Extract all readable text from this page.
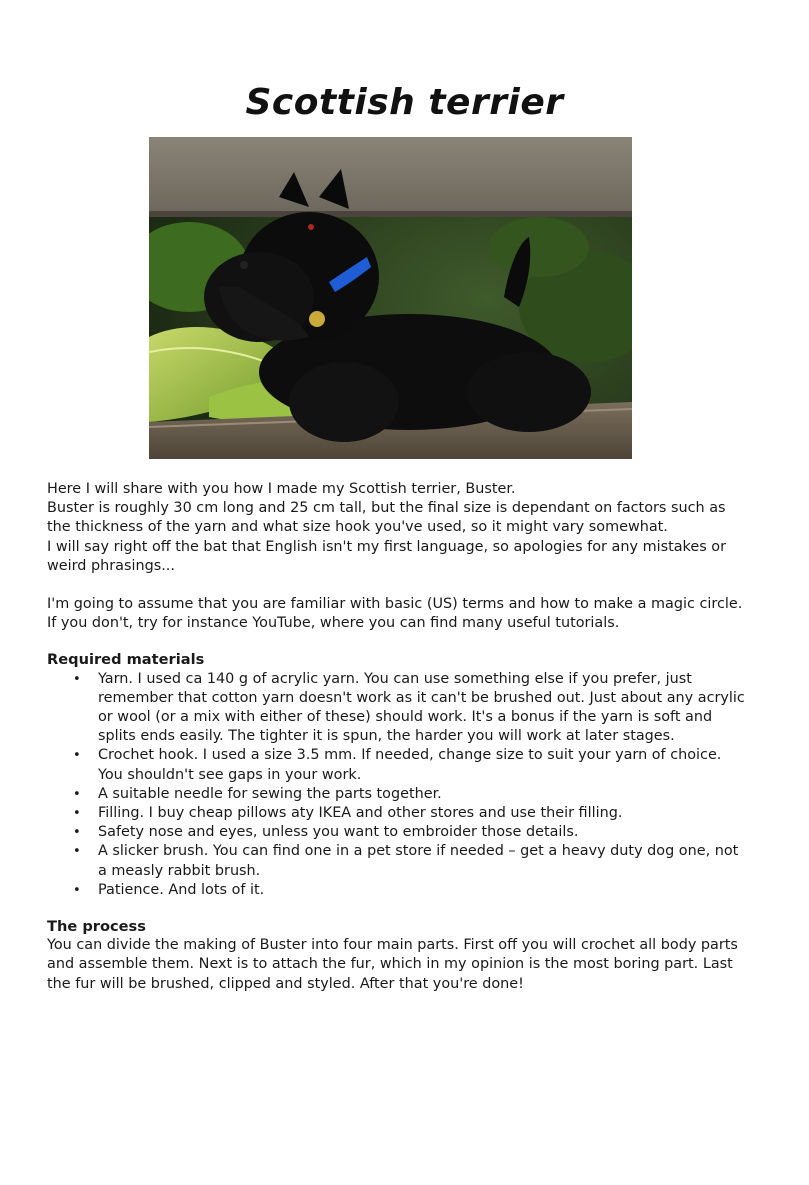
Scottish terrier

Here I will share with you how I made my Scottish terrier, Buster.

Buster is roughly 30 cm long and 25 cm tall, but the final size is dependant on factors such as the thickness of the yarn and what size hook you've used, so it might vary somewhat.

I will say right off the bat that English isn't my first language, so apologies for any mistakes or weird phrasings...

I'm going to assume that you are familiar with basic (US) terms and how to make a magic circle. If you don't, try for instance YouTube, where you can find many useful tutorials.

Required materials

• Yarn. I used ca 140 g of acrylic yarn. You can use something else if you prefer, just remember that cotton yarn doesn't work as it can't be brushed out. Just about any acrylic or wool (or a mix with either of these) should work. It's a bonus if the yarn is soft and splits ends easily. The tighter it is spun, the harder you will work at later stages.
• Crochet hook. I used a size 3.5 mm. If needed, change size to suit your yarn of choice. You shouldn't see gaps in your work.
• A suitable needle for sewing the parts together.
• Filling. I buy cheap pillows aty IKEA and other stores and use their filling.
• Safety nose and eyes, unless you want to embroider those details.
• A slicker brush. You can find one in a pet store if needed – get a heavy duty dog one, not a measly rabbit brush.
• Patience. And lots of it.

The process

You can divide the making of Buster into four main parts. First off you will crochet all body parts and assemble them. Next is to attach the fur, which in my opinion is the most boring part. Last the fur will be brushed, clipped and styled. After that you're done!
